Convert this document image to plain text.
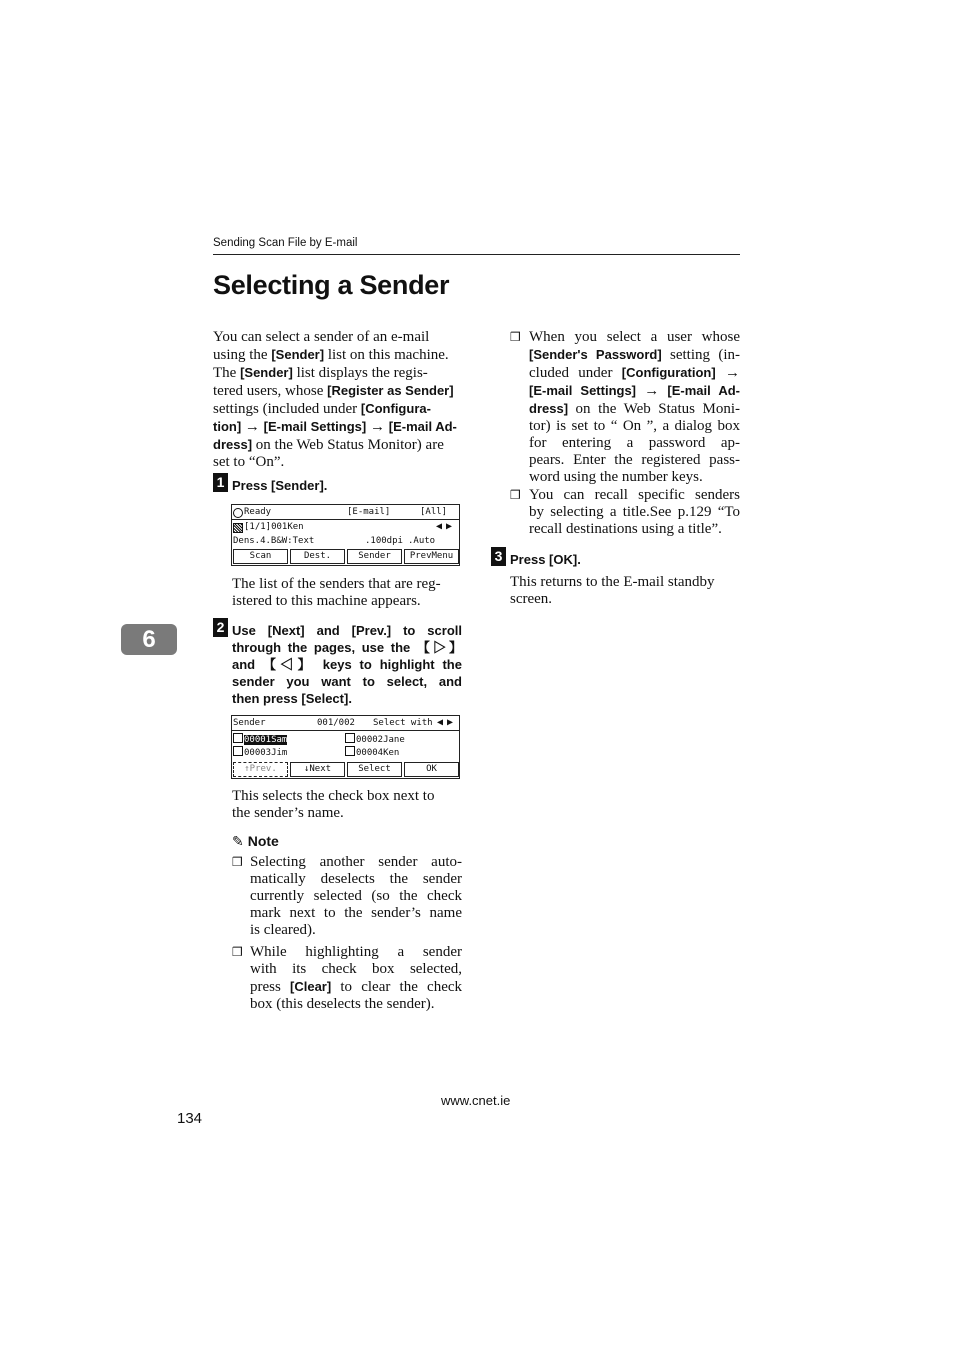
Sending Scan File by E-mail
Selecting a Sender
6
You can select a sender of an e-mail
using the [Sender] list on this machine.
The [Sender] list displays the regis-
tered users, whose [Register as Sender]
settings (included under [Configura-
tion] → [E-mail Settings] → [E-mail Ad-
dress] on the Web Status Monitor) are
set to “On”.
1 Press [Sender].
Ready	[E-mail]	[All]
[1/1]001Ken	◀ ▶
Dens.4.B&W:Text	.100dpi .Auto
Scan	Dest.	Sender	PrevMenu
The list of the senders that are reg-
istered to this machine appears.
2 Use [Next] and [Prev.] to scroll
through the pages, use the 【▷】
and 【◁】 keys to highlight the
sender you want to select, and
then press [Select].
Sender	001/002 Select with ◀ ▶
00001Sam	00002Jane
00003Jim	00004Ken
↑Prev.	↓Next	Select	OK
This selects the check box next to
the sender’s name.
✎ Note
❒ Selecting another sender auto-
matically deselects the sender
currently selected (so the check
mark next to the sender’s name
is cleared).
❒ While highlighting a sender
with its check box selected,
press [Clear] to clear the check
box (this deselects the sender).
❒ When you select a user whose
[Sender's Password] setting (in-
cluded under [Configuration] →
[E-mail Settings] → [E-mail Ad-
dress] on the Web Status Moni-
tor) is set to “ On ”, a dialog box
for entering a password ap-
pears. Enter the registered pass-
word using the number keys.
❒ You can recall specific senders
by selecting a title.See p.129 “To
recall destinations using a title”.
3 Press [OK].
This returns to the E-mail standby
screen.
www.cnet.ie
134
